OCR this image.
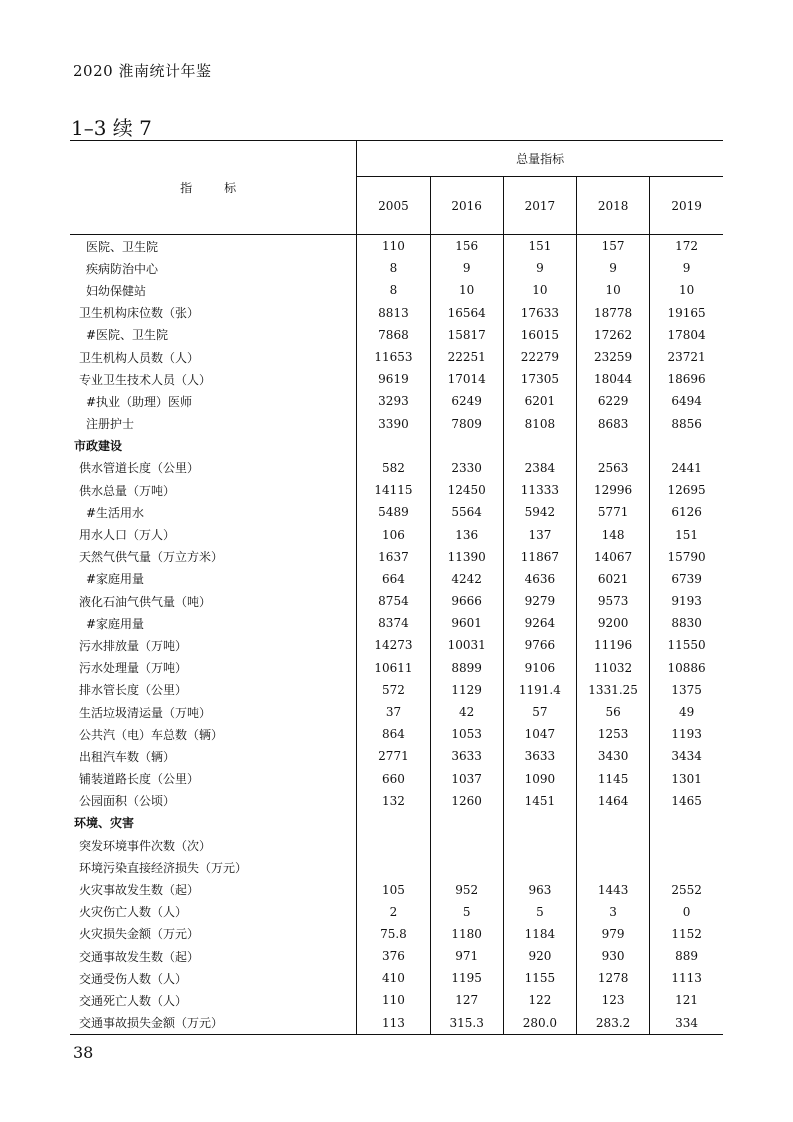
2020 淮南统计年鉴
1–3 续 7
指　标	总量指标				
	2005	2016	2017	2018	2019
医院、卫生院	110	156	151	157	172
疾病防治中心	8	9	9	9	9
妇幼保健站	8	10	10	10	10
卫生机构床位数（张）	8813	16564	17633	18778	19165
#医院、卫生院	7868	15817	16015	17262	17804
卫生机构人员数（人）	11653	22251	22279	23259	23721
专业卫生技术人员（人）	9619	17014	17305	18044	18696
#执业（助理）医师	3293	6249	6201	6229	6494
注册护士	3390	7809	8108	8683	8856
市政建设					
供水管道长度（公里）	582	2330	2384	2563	2441
供水总量（万吨）	14115	12450	11333	12996	12695
#生活用水	5489	5564	5942	5771	6126
用水人口（万人）	106	136	137	148	151
天然气供气量（万立方米）	1637	11390	11867	14067	15790
#家庭用量	664	4242	4636	6021	6739
液化石油气供气量（吨）	8754	9666	9279	9573	9193
#家庭用量	8374	9601	9264	9200	8830
污水排放量（万吨）	14273	10031	9766	11196	11550
污水处理量（万吨）	10611	8899	9106	11032	10886
排水管长度（公里）	572	1129	1191.4	1331.25	1375
生活垃圾清运量（万吨）	37	42	57	56	49
公共汽（电）车总数（辆）	864	1053	1047	1253	1193
出租汽车数（辆）	2771	3633	3633	3430	3434
铺装道路长度（公里）	660	1037	1090	1145	1301
公园面积（公顷）	132	1260	1451	1464	1465
环境、灾害					
突发环境事件次数（次）					
环境污染直接经济损失（万元）					
火灾事故发生数（起）	105	952	963	1443	2552
火灾伤亡人数（人）	2	5	5	3	0
火灾损失金额（万元）	75.8	1180	1184	979	1152
交通事故发生数（起）	376	971	920	930	889
交通受伤人数（人）	410	1195	1155	1278	1113
交通死亡人数（人）	110	127	122	123	121
交通事故损失金额（万元）	113	315.3	280.0	283.2	334
38
